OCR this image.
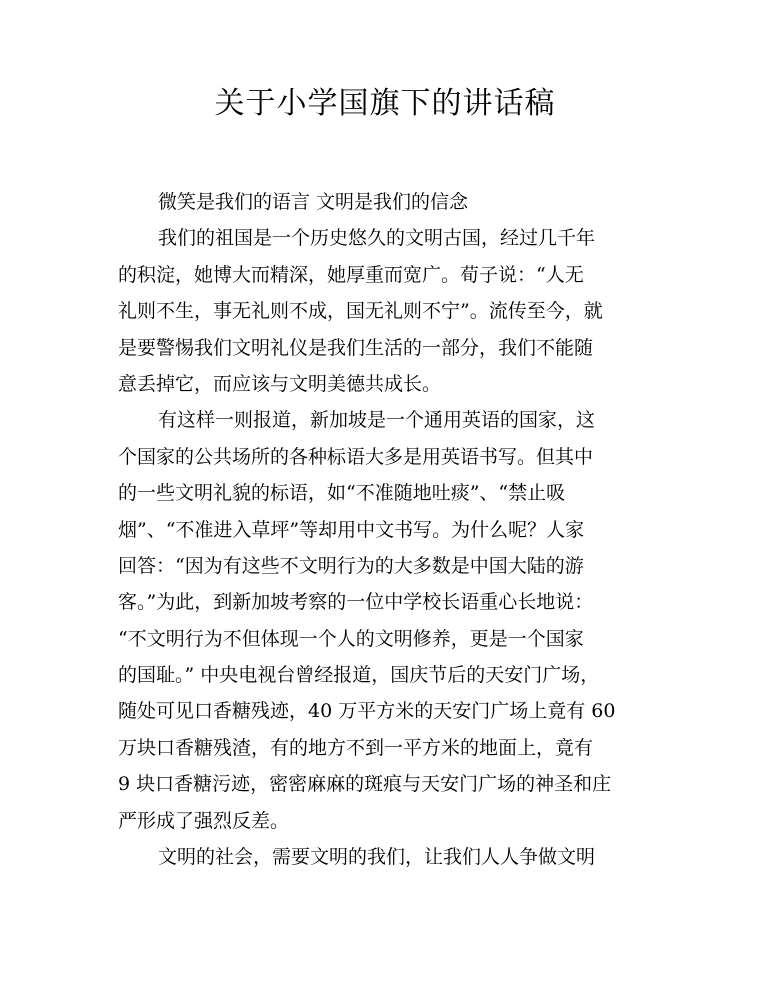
关于小学国旗下的讲话稿
微笑是我们的语言 文明是我们的信念
我们的祖国是一个历史悠久的文明古国，经过几千年
的积淀，她博大而精深，她厚重而宽广。荀子说：“人无
礼则不生，事无礼则不成，国无礼则不宁”。流传至今，就
是要警惕我们文明礼仪是我们生活的一部分，我们不能随
意丢掉它，而应该与文明美德共成长。
有这样一则报道，新加坡是一个通用英语的国家，这
个国家的公共场所的各种标语大多是用英语书写。但其中
的一些文明礼貌的标语，如“不准随地吐痰”、“禁止吸
烟”、“不准进入草坪”等却用中文书写。为什么呢？人家
回答：“因为有这些不文明行为的大多数是中国大陆的游
客。”为此，到新加坡考察的一位中学校长语重心长地说：
“不文明行为不但体现一个人的文明修养，更是一个国家
的国耻。” 中央电视台曾经报道，国庆节后的天安门广场，
随处可见口香糖残迹，40 万平方米的天安门广场上竟有 60
万块口香糖残渣，有的地方不到一平方米的地面上，竟有
9 块口香糖污迹，密密麻麻的斑痕与天安门广场的神圣和庄
严形成了强烈反差。
文明的社会，需要文明的我们，让我们人人争做文明
